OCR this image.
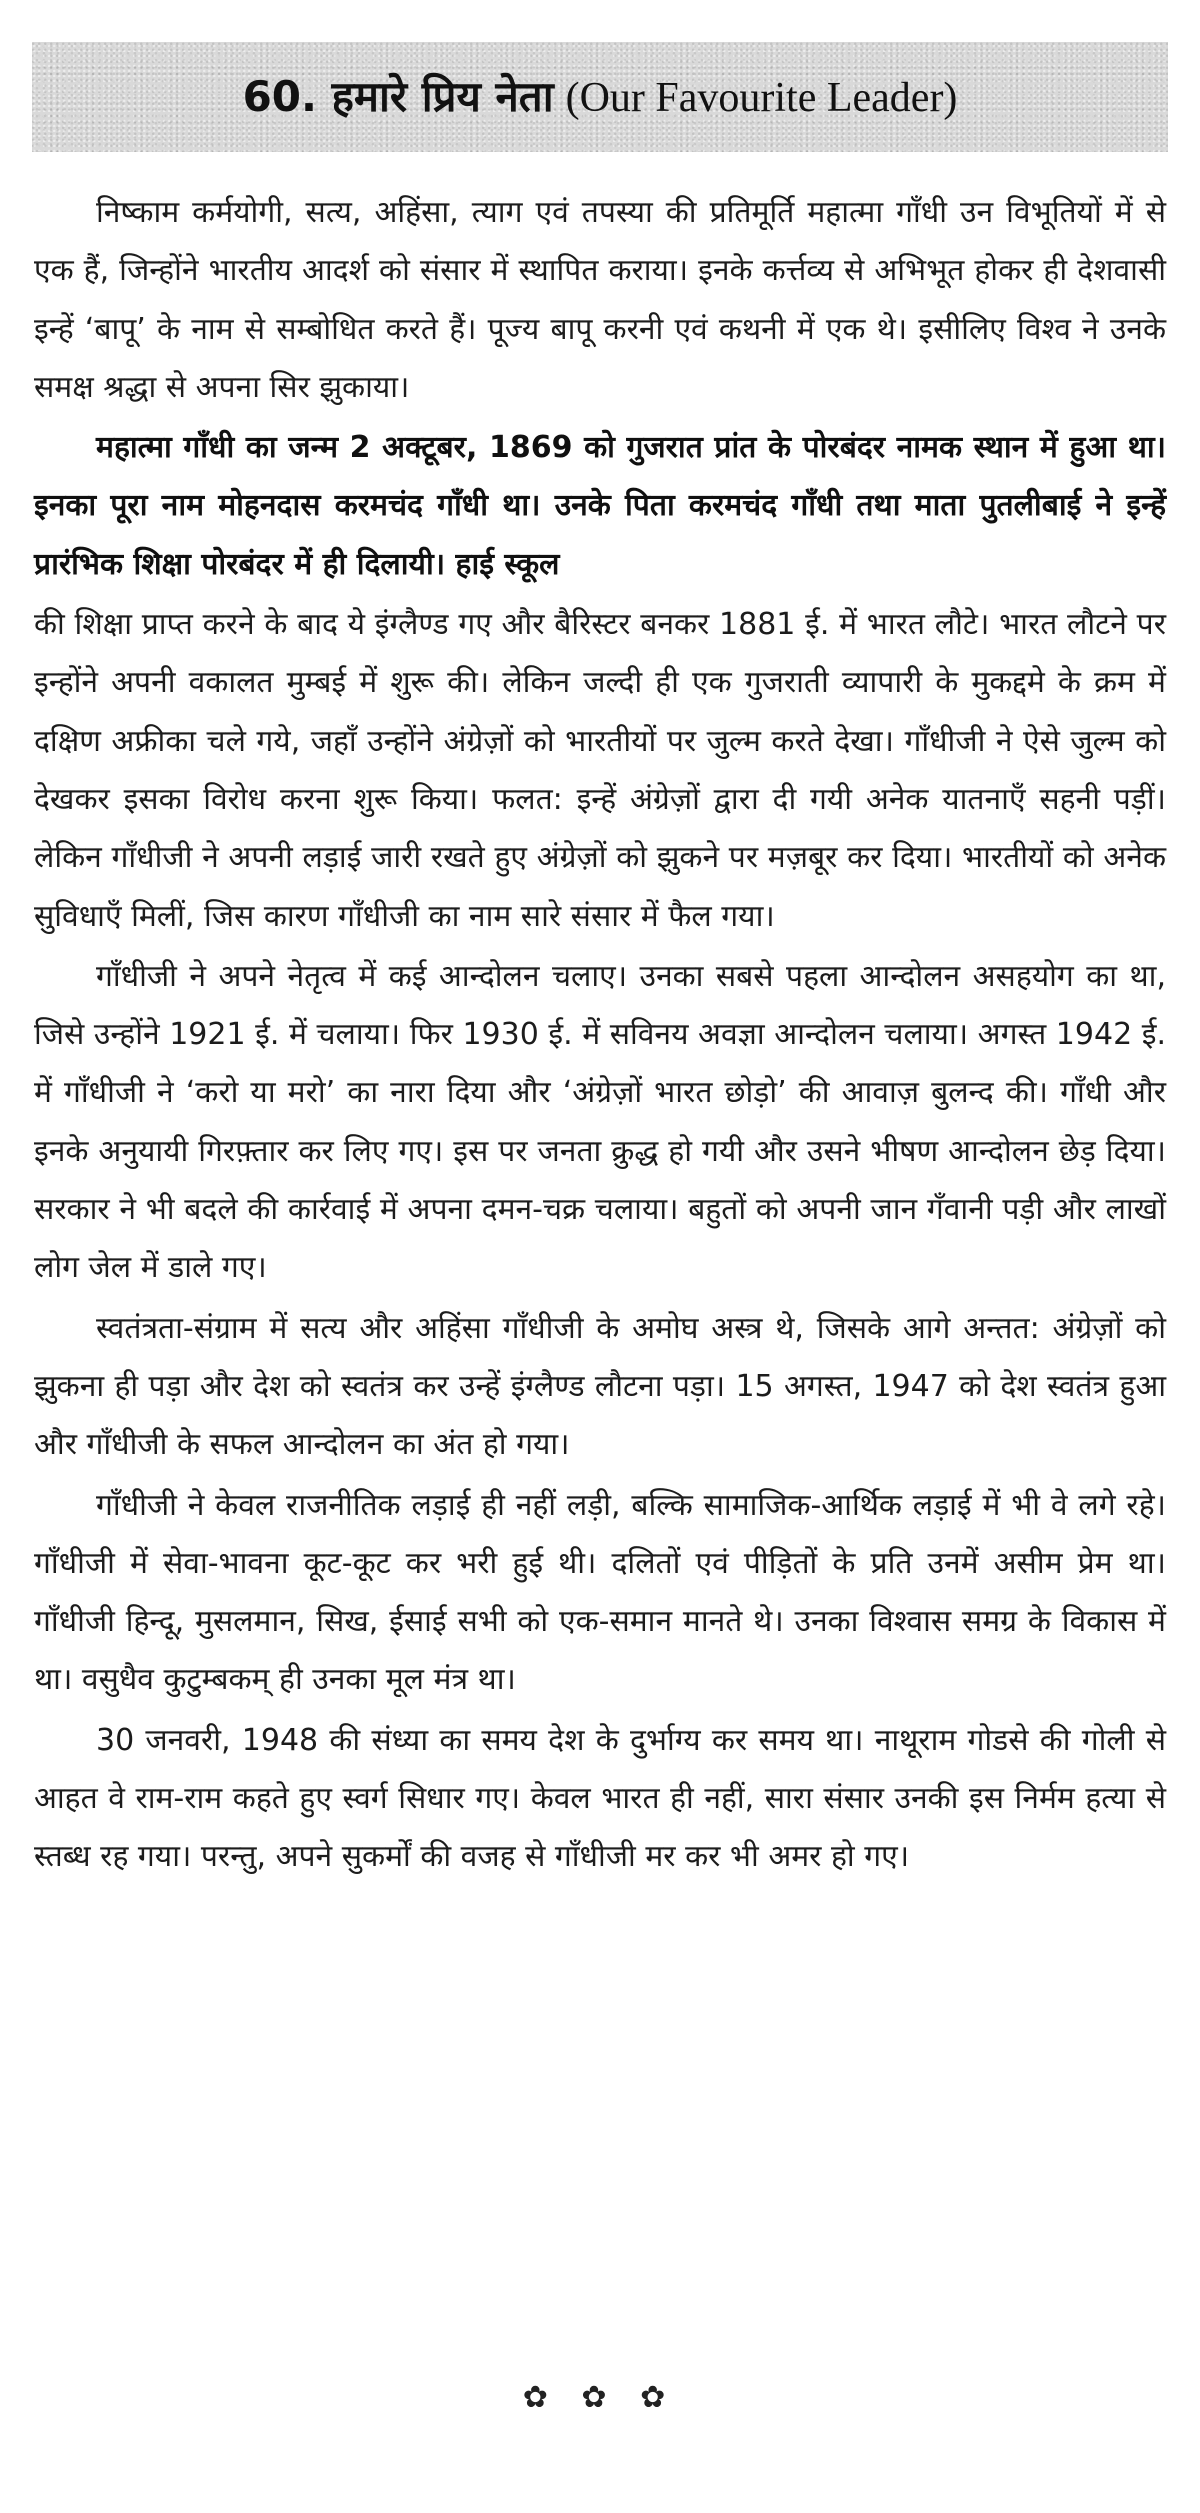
60. हमारे प्रिय नेता (Our Favourite Leader)

निष्काम कर्मयोगी, सत्य, अहिंसा, त्याग एवं तपस्या की प्रतिमूर्ति महात्मा गाँधी उन विभूतियों में से एक हैं, जिन्होंने भारतीय आदर्श को संसार में स्थापित कराया। इनके कर्त्तव्य से अभिभूत होकर ही देशवासी इन्हें ‘बापू’ के नाम से सम्बोधित करते हैं। पूज्य बापू करनी एवं कथनी में एक थे। इसीलिए विश्व ने उनके समक्ष श्रद्धा से अपना सिर झुकाया।

महात्मा गाँधी का जन्म 2 अक्टूबर, 1869 को गुजरात प्रांत के पोरबंदर नामक स्थान में हुआ था। इनका पूरा नाम मोहनदास करमचंद गाँधी था। उनके पिता करमचंद गाँधी तथा माता पुतलीबाई ने इन्हें प्रारंभिक शिक्षा पोरबंदर में ही दिलायी। हाई स्कूल

की शिक्षा प्राप्त करने के बाद ये इंग्लैण्ड गए और बैरिस्टर बनकर 1881 ई. में भारत लौटे। भारत लौटने पर इन्होंने अपनी वकालत मुम्बई में शुरू की। लेकिन जल्दी ही एक गुजराती व्यापारी के मुकद्दमे के क्रम में दक्षिण अफ्रीका चले गये, जहाँ उन्होंने अंग्रेज़ों को भारतीयों पर जुल्म करते देखा। गाँधीजी ने ऐसे जुल्म को देखकर इसका विरोध करना शुरू किया। फलत: इन्हें अंग्रेज़ों द्वारा दी गयी अनेक यातनाएँ सहनी पड़ीं। लेकिन गाँधीजी ने अपनी लड़ाई जारी रखते हुए अंग्रेज़ों को झुकने पर मज़बूर कर दिया। भारतीयों को अनेक सुविधाएँ मिलीं, जिस कारण गाँधीजी का नाम सारे संसार में फैल गया।

गाँधीजी ने अपने नेतृत्व में कई आन्दोलन चलाए। उनका सबसे पहला आन्दोलन असहयोग का था, जिसे उन्होंने 1921 ई. में चलाया। फिर 1930 ई. में सविनय अवज्ञा आन्दोलन चलाया। अगस्त 1942 ई. में गाँधीजी ने ‘करो या मरो’ का नारा दिया और ‘अंग्रेज़ों भारत छोड़ो’ की आवाज़ बुलन्द की। गाँधी और इनके अनुयायी गिरफ़्तार कर लिए गए। इस पर जनता क्रुद्ध हो गयी और उसने भीषण आन्दोलन छेड़ दिया। सरकार ने भी बदले की कार्रवाई में अपना दमन-चक्र चलाया। बहुतों को अपनी जान गँवानी पड़ी और लाखों लोग जेल में डाले गए।

स्वतंत्रता-संग्राम में सत्य और अहिंसा गाँधीजी के अमोघ अस्त्र थे, जिसके आगे अन्तत: अंग्रेज़ों को झुकना ही पड़ा और देश को स्वतंत्र कर उन्हें इंग्लैण्ड लौटना पड़ा। 15 अगस्त, 1947 को देश स्वतंत्र हुआ और गाँधीजी के सफल आन्दोलन का अंत हो गया।

गाँधीजी ने केवल राजनीतिक लड़ाई ही नहीं लड़ी, बल्कि सामाजिक-आर्थिक लड़ाई में भी वे लगे रहे। गाँधीजी में सेवा-भावना कूट-कूट कर भरी हुई थी। दलितों एवं पीड़ितों के प्रति उनमें असीम प्रेम था। गाँधीजी हिन्दू, मुसलमान, सिख, ईसाई सभी को एक-समान मानते थे। उनका विश्वास समग्र के विकास में था। वसुधैव कुटुम्बकम् ही उनका मूल मंत्र था।

30 जनवरी, 1948 की संध्या का समय देश के दुर्भाग्य कर समय था। नाथूराम गोडसे की गोली से आहत वे राम-राम कहते हुए स्वर्ग सिधार गए। केवल भारत ही नहीं, सारा संसार उनकी इस निर्मम हत्या से स्तब्ध रह गया। परन्तु, अपने सुकर्मों की वजह से गाँधीजी मर कर भी अमर हो गए।

✿ ✿ ✿
